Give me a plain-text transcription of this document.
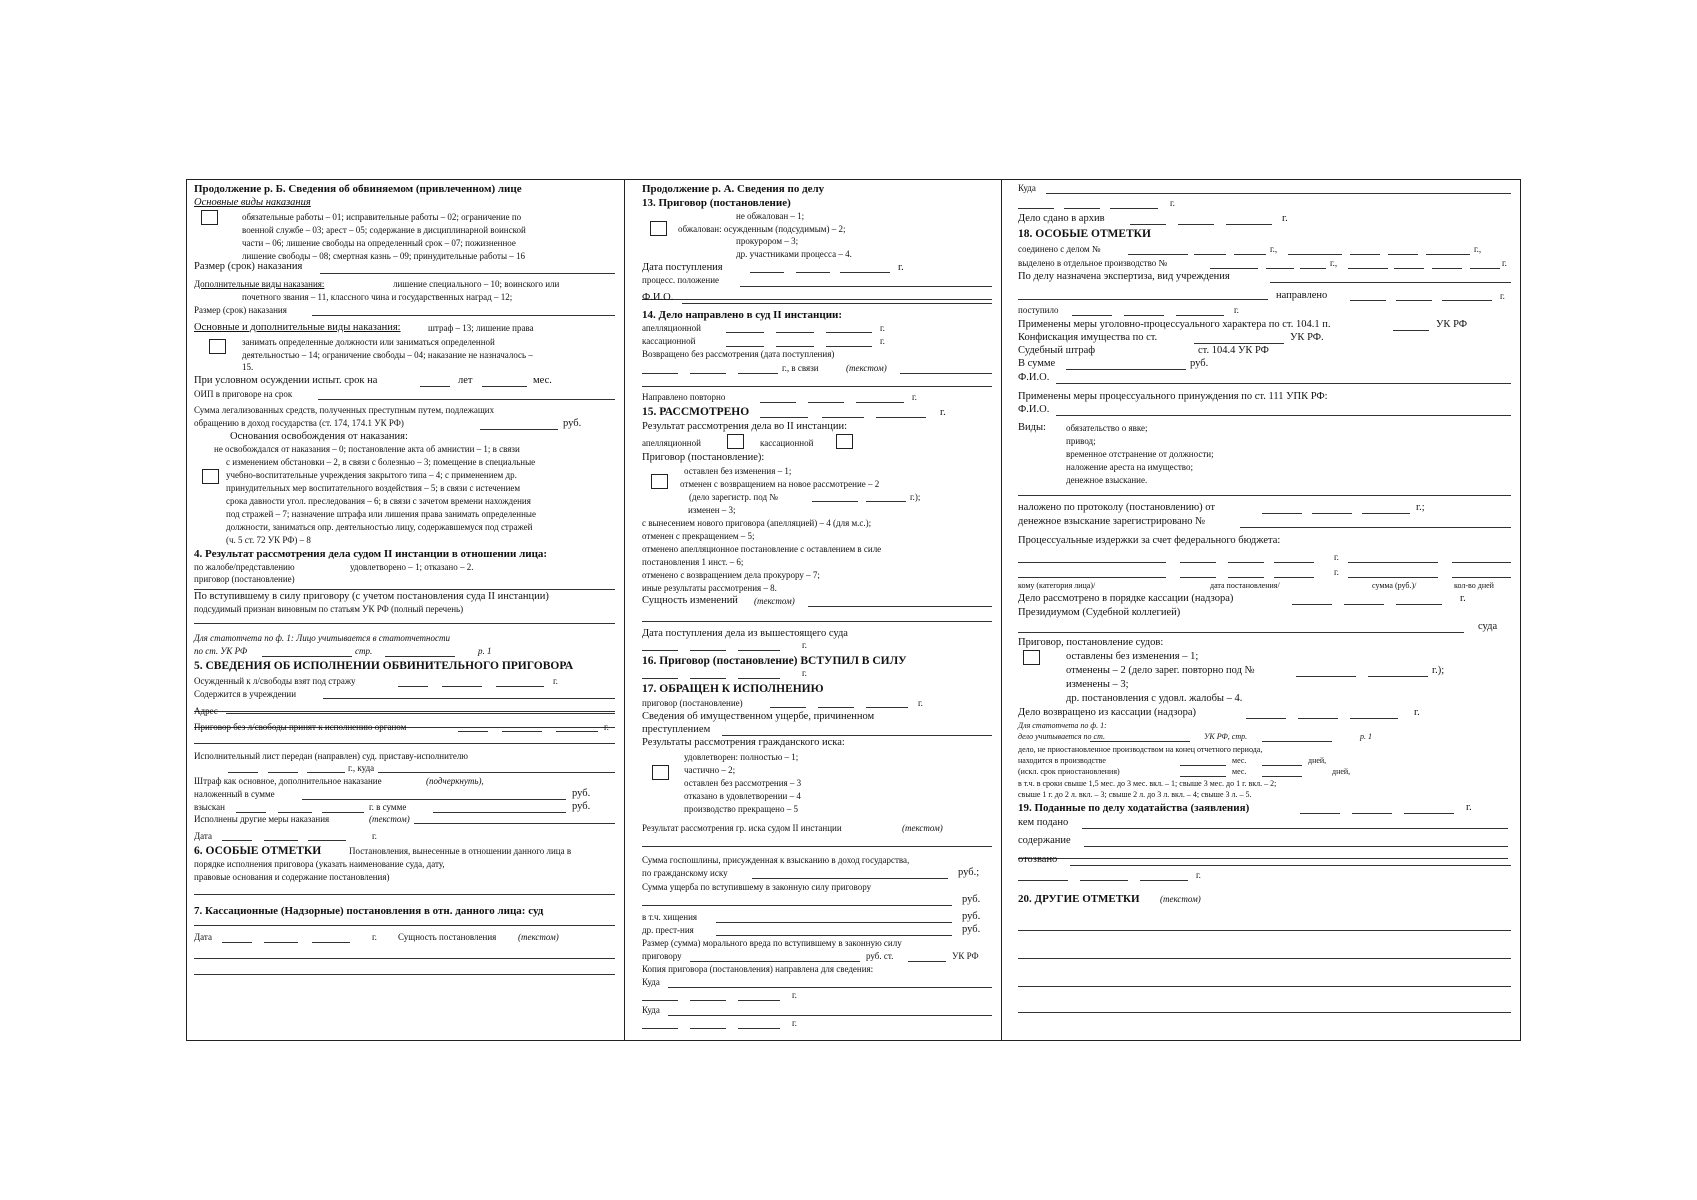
Продолжение р. Б. Сведения об обвиняемом (привлеченном) лице
Основные виды наказания
обязательные работы – 01; исправительные работы – 02; ограничение по
военной службе – 03; арест – 05; содержание в дисциплинарной воинской
части – 06; лишение свободы на определенный срок – 07; пожизненное
лишение свободы – 08; смертная казнь – 09; принудительные работы – 16
Размер (срок) наказания
Дополнительные виды наказания:	лишение специального – 10; воинского или
почетного звания – 11, классного чина и государственных наград – 12;
Размер (срок) наказания
Основные и дополнительные виды наказания:	штраф – 13; лишение права
занимать определенные должности или заниматься определенной
деятельностью – 14; ограничение свободы – 04; наказание не назначалось –
15.
При условном осуждении испыт. срок на	лет	мес.
ОИП в приговоре на срок
Сумма легализованных средств, полученных преступным путем, подлежащих
обращению в доход государства (ст. 174, 174.1 УК РФ)	руб.
Основания освобождения от наказания:
не освобождался от наказания – 0; постановление акта об амнистии – 1; в связи
с изменением обстановки – 2, в связи с болезнью – 3; помещение в специальные
учебно-воспитательные учреждения закрытого типа – 4; с применением др.
принудительных мер воспитательного воздействия – 5; в связи с истечением
срока давности угол. преследования – 6; в связи с зачетом времени нахождения
под стражей – 7; назначение штрафа или лишения права занимать определенные
должности, заниматься опр. деятельностью лицу, содержавшемуся под стражей
(ч. 5 ст. 72 УК РФ) – 8
4. Результат рассмотрения дела судом II инстанции в отношении лица:
по жалобе/представлению	удовлетворено – 1; отказано – 2.
приговор (постановление)
По вступившему в силу приговору (с учетом постановления суда II инстанции)
подсудимый признан виновным по статьям УК РФ (полный перечень)
Для статотчета по ф. 1: Лицо учитывается в статотчетности
по ст. УК РФ	стр.	р. 1
5. СВЕДЕНИЯ ОБ ИСПОЛНЕНИИ ОБВИНИТЕЛЬНОГО ПРИГОВОРА
Осужденный к л/свободы взят под стражу	г.
Содержится в учреждении
Адрес
Приговор без л/свободы принят к исполнению органом	г.
Исполнительный лист передан (направлен) суд. приставу-исполнителю
г., куда
Штраф как основное, дополнительное наказание	(подчеркнуть),
наложенный в сумме	руб.
взыскан	г. в сумме	руб.
Исполнены другие меры наказания	(текстом)
Дата	г.
6. ОСОБЫЕ ОТМЕТКИ	Постановления, вынесенные в отношении данного лица в
порядке исполнения приговора (указать наименование суда, дату,
правовые основания и содержание постановления)
7. Кассационные (Надзорные) постановления в отн. данного лица: суд
Дата	г. Сущность постановления (текстом)
Продолжение р. А. Сведения по делу
13. Приговор (постановление)
не обжалован – 1;
обжалован: осужденным (подсудимым) – 2;
прокурором – 3;
др. участниками процесса – 4.
Дата поступления	г.
процесс. положение
Ф.И.О.
14. Дело направлено в суд II инстанции:
апелляционной	г.
кассационной	г.
Возвращено без рассмотрения (дата поступления)
г., в связи	(текстом)
Направлено повторно	г.
15. РАССМОТРЕНО	г.
Результат рассмотрения дела во II инстанции:
апелляционной	кассационной
Приговор (постановление):
оставлен без изменения – 1;
отменен с возвращением на новое рассмотрение – 2
(дело зарегистр. под №	г.);
изменен – 3;
с вынесением нового приговора (апелляцией) – 4 (для м.с.);
отменен с прекращением – 5;
отменено апелляционное постановление с оставлением в силе
постановления 1 инст. – 6;
отменено с возвращением дела прокурору – 7;
иные результаты рассмотрения – 8.
Сущность изменений (текстом)
Дата поступления дела из вышестоящего суда
г.
16. Приговор (постановление) ВСТУПИЛ В СИЛУ
г.
17. ОБРАЩЕН К ИСПОЛНЕНИЮ
приговор (постановление)	г.
Сведения об имущественном ущербе, причиненном
преступлением
Результаты рассмотрения гражданского иска:
удовлетворен: полностью – 1;
частично – 2;
оставлен без рассмотрения – 3
отказано в удовлетворении – 4
производство прекращено – 5
Результат рассмотрения гр. иска судом II инстанции	(текстом)
Сумма госпошлины, присужденная к взысканию в доход государства,
по гражданскому иску	руб.;
Сумма ущерба по вступившему в законную силу приговору
руб.
в т.ч. хищения	руб.
др. прест-ния	руб.
Размер (сумма) морального вреда по вступившему в законную силу
приговору	руб. ст.	УК РФ
Копия приговора (постановления) направлена для сведения:
Куда
г.
Куда
г.
Куда
г.
Дело сдано в архив	г.
18. ОСОБЫЕ ОТМЕТКИ
соединено с делом №	г.,	г.,
выделено в отдельное производство №	г.,	г.
По делу назначена экспертиза, вид учреждения
направлено	г.
поступило	г.
Применены меры уголовно-процессуального характера по ст. 104.1 п.	УК РФ
Конфискация имущества по ст.	УК РФ.
Судебный штраф	ст. 104.4 УК РФ
В сумме	руб.
Ф.И.О.
Применены меры процессуального принуждения по ст. 111 УПК РФ:
Ф.И.О.
Виды: обязательство о явке;
привод;
временное отстранение от должности;
наложение ареста на имущество;
денежное взыскание.
наложено по протоколу (постановлению) от	г.;
денежное взыскание зарегистрировано №
Процессуальные издержки за счет федерального бюджета:
г.
г.
кому (категория лица)/	дата постановления/	сумма (руб.)/	кол-во дней
Дело рассмотрено в порядке кассации (надзора)	г.
Президиумом (Судебной коллегией)
суда
Приговор, постановление судов:
оставлены без изменения – 1;
отменены – 2 (дело зарег. повторно под №	г.);
изменены – 3;
др. постановления с удовл. жалобы – 4.
Дело возвращено из кассации (надзора)	г.
Для статотчета по ф. 1:
дело учитывается по ст.	УК РФ, стр.	р. 1
дело, не приостановленное производством на конец отчетного периода,
находится в производстве	мес.	дней,
(искл. срок приостановления)	мес.	дней,
в т.ч. в сроки свыше 1,5 мес. до 3 мес. вкл. – 1; свыше 3 мес. до 1 г. вкл. – 2;
свыше 1 г. до 2 л. вкл. – 3; свыше 2 л. до 3 л. вкл. – 4; свыше 3 л. – 5.
19. Поданные по делу ходатайства (заявления)	г.
кем подано
содержание
отозвано
г.
20. ДРУГИЕ ОТМЕТКИ (текстом)
